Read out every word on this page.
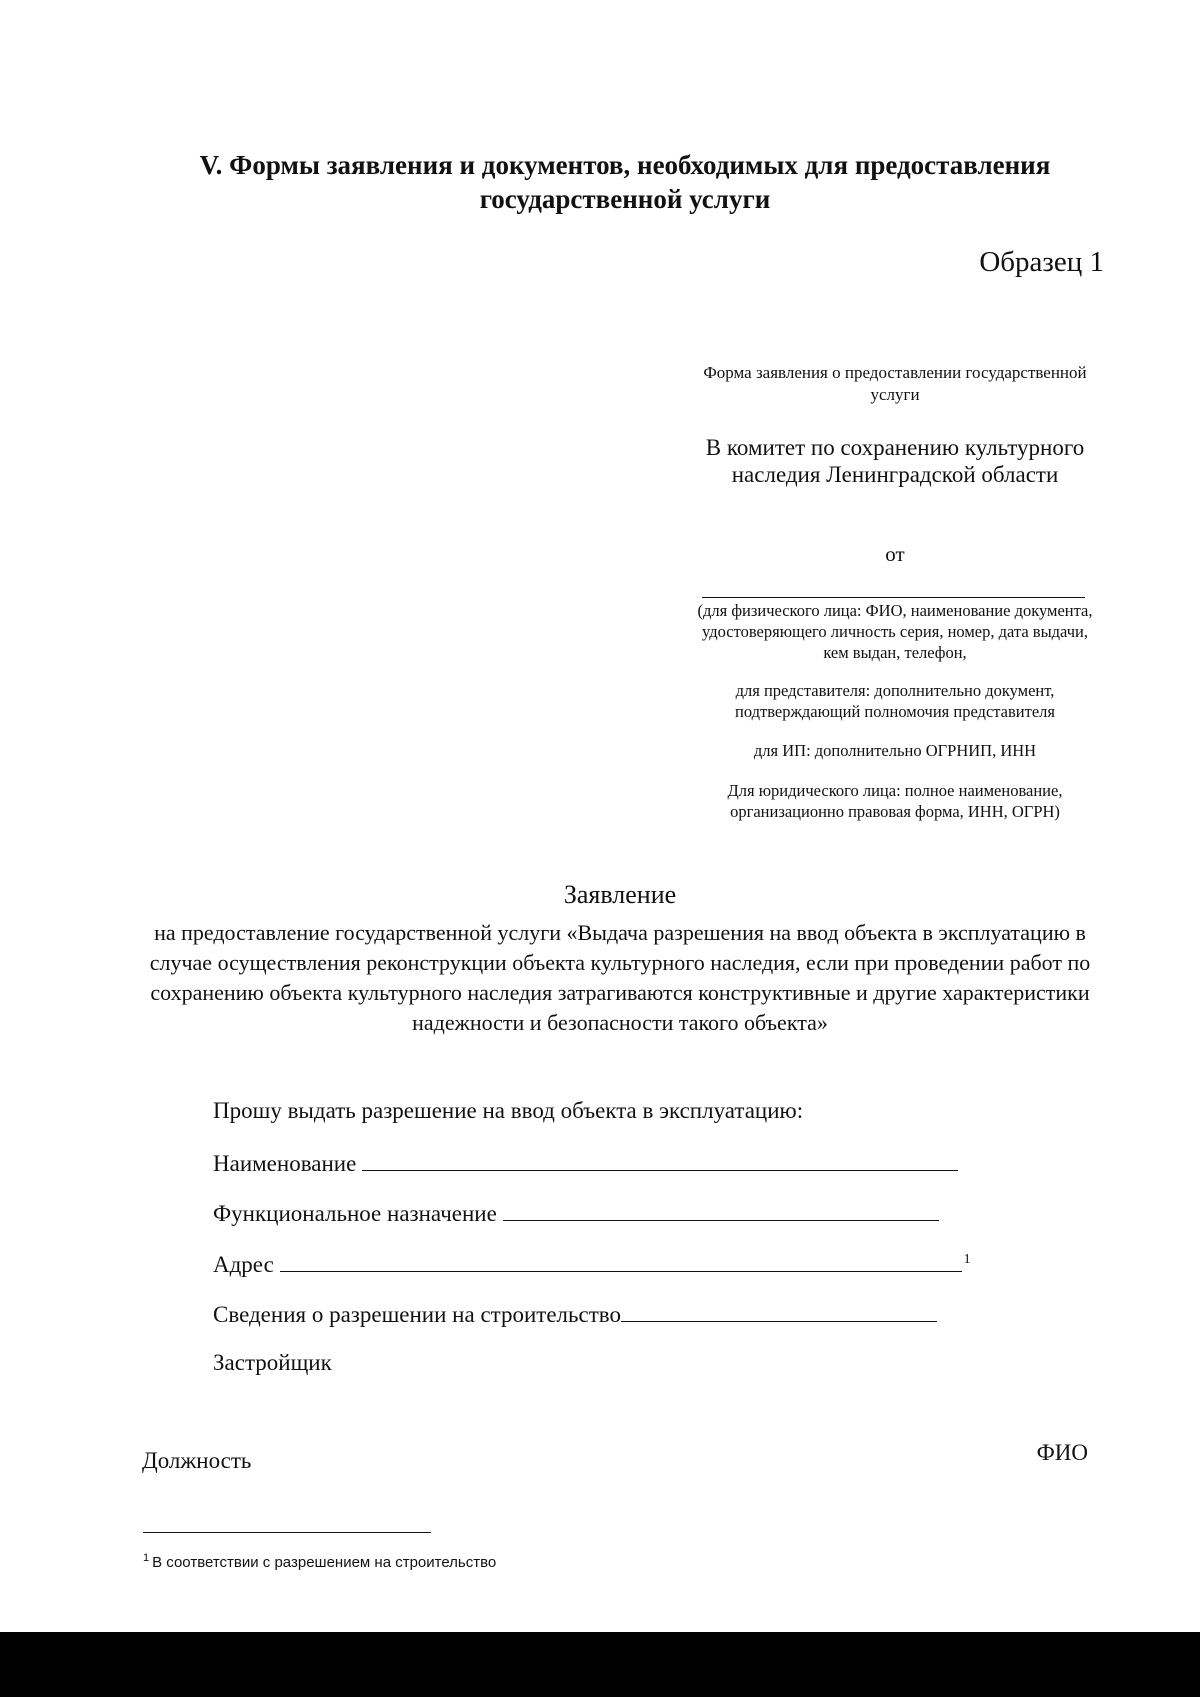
V. Формы заявления и документов, необходимых для предоставления государственной услуги
Образец 1
Форма заявления о предоставлении государственной услуги
В комитет по сохранению культурного наследия Ленинградской области
от
(для физического лица: ФИО, наименование документа, удостоверяющего личность серия, номер, дата выдачи, кем выдан, телефон,
для представителя: дополнительно документ, подтверждающий полномочия представителя
для ИП: дополнительно ОГРНИП, ИНН
Для юридического лица: полное наименование, организационно правовая форма, ИНН, ОГРН)
Заявление
на предоставление государственной услуги «Выдача разрешения на ввод объекта в эксплуатацию в случае осуществления реконструкции объекта культурного наследия, если при проведении работ по сохранению объекта культурного наследия затрагиваются конструктивные и другие характеристики надежности и безопасности такого объекта»
Прошу выдать разрешение на ввод объекта в эксплуатацию:
Наименование
Функциональное назначение
Адрес	$^1$
Сведения о разрешении на строительство
Застройщик
Должность	ФИО
$^1$ В соответствии с разрешением на строительство
